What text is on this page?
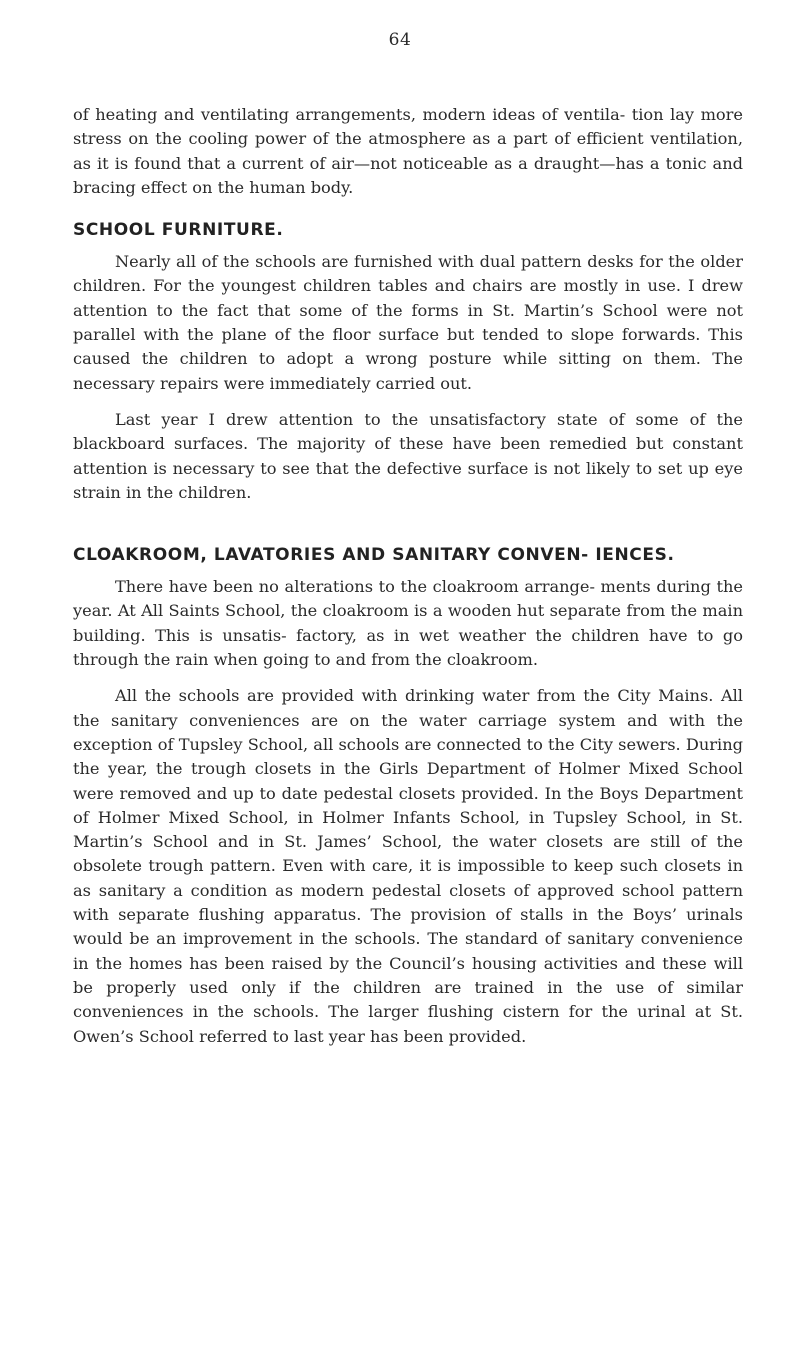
64

of heating and ventilating arrangements, modern ideas of ventila- tion lay more stress on the cooling power of the atmosphere as a part of efficient ventilation, as it is found that a current of air—not noticeable as a draught—has a tonic and bracing effect on the human body.

SCHOOL FURNITURE.

Nearly all of the schools are furnished with dual pattern desks for the older children. For the youngest children tables and chairs are mostly in use. I drew attention to the fact that some of the forms in St. Martin’s School were not parallel with the plane of the floor surface but tended to slope forwards. This caused the children to adopt a wrong posture while sitting on them. The necessary repairs were immediately carried out.

Last year I drew attention to the unsatisfactory state of some of the blackboard surfaces. The majority of these have been remedied but constant attention is necessary to see that the defective surface is not likely to set up eye strain in the children.

CLOAKROOM, LAVATORIES AND SANITARY CONVEN- IENCES.

There have been no alterations to the cloakroom arrange- ments during the year. At All Saints School, the cloakroom is a wooden hut separate from the main building. This is unsatis- factory, as in wet weather the children have to go through the rain when going to and from the cloakroom.

All the schools are provided with drinking water from the City Mains. All the sanitary conveniences are on the water carriage system and with the exception of Tupsley School, all schools are connected to the City sewers. During the year, the trough closets in the Girls Department of Holmer Mixed School were removed and up to date pedestal closets provided. In the Boys Department of Holmer Mixed School, in Holmer Infants School, in Tupsley School, in St. Martin’s School and in St. James’ School, the water closets are still of the obsolete trough pattern. Even with care, it is impossible to keep such closets in as sanitary a condition as modern pedestal closets of approved school pattern with separate flushing apparatus. The provision of stalls in the Boys’ urinals would be an improvement in the schools. The standard of sanitary convenience in the homes has been raised by the Council’s housing activities and these will be properly used only if the children are trained in the use of similar conveniences in the schools. The larger flushing cistern for the urinal at St. Owen’s School referred to last year has been provided.
